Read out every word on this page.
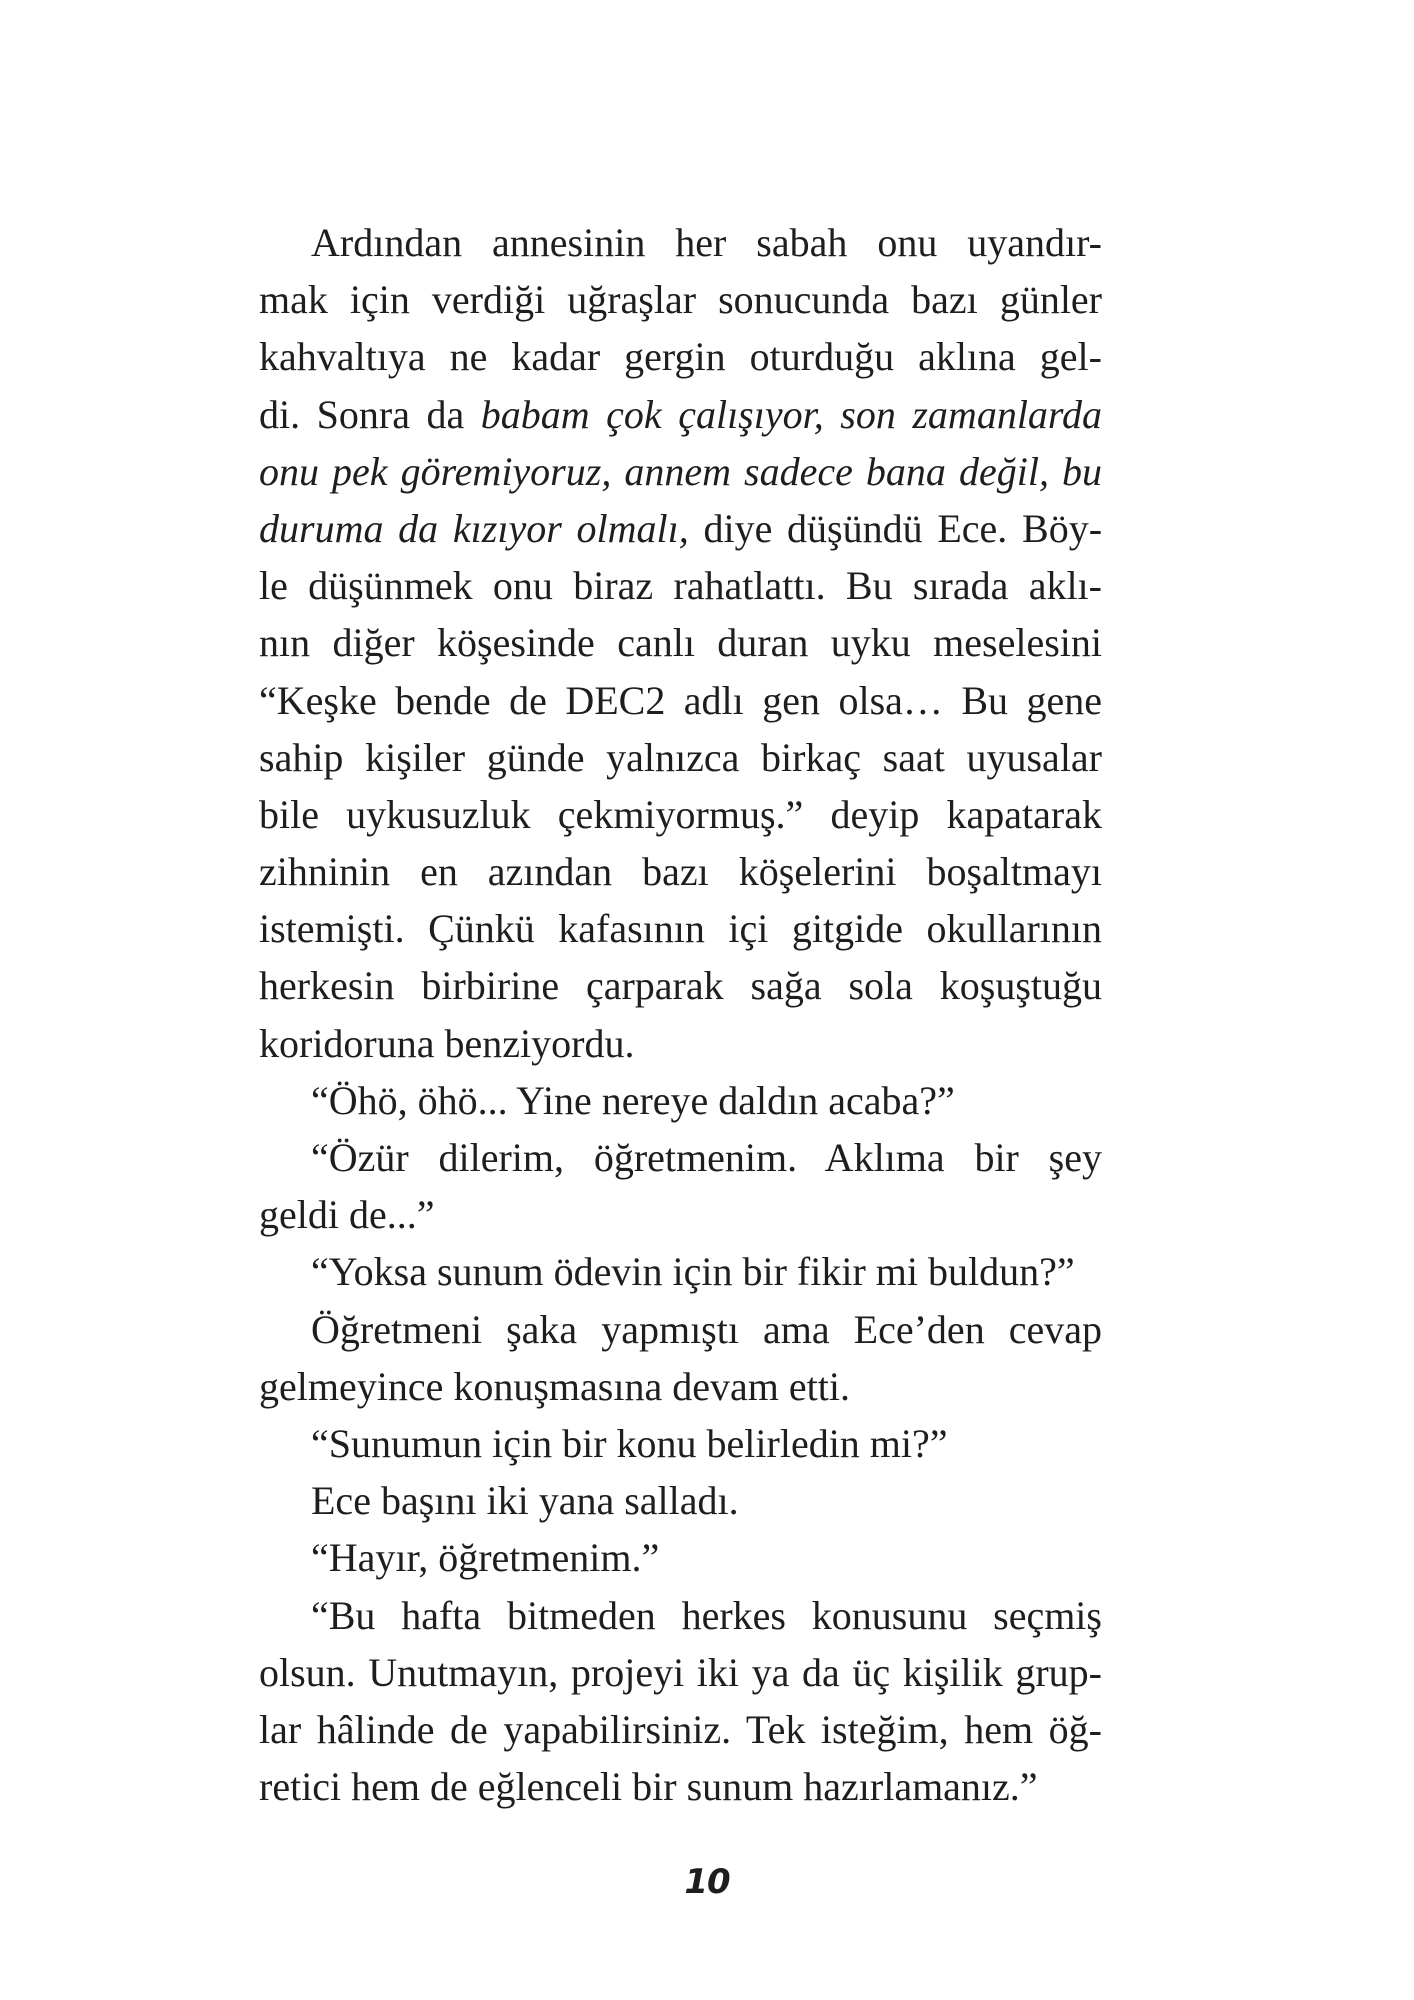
Ardından annesinin her sabah onu uyandır-
mak için verdiği uğraşlar sonucunda bazı günler
kahvaltıya ne kadar gergin oturduğu aklına gel-
di. Sonra da babam çok çalışıyor, son zamanlarda
onu pek göremiyoruz, annem sadece bana değil, bu
duruma da kızıyor olmalı, diye düşündü Ece. Böy-
le düşünmek onu biraz rahatlattı. Bu sırada aklı-
nın diğer köşesinde canlı duran uyku meselesini
“Keşke bende de DEC2 adlı gen olsa… Bu gene
sahip kişiler günde yalnızca birkaç saat uyusalar
bile uykusuzluk çekmiyormuş.” deyip kapatarak
zihninin en azından bazı köşelerini boşaltmayı
istemişti. Çünkü kafasının içi gitgide okullarının
herkesin birbirine çarparak sağa sola koşuştuğu
koridoruna benziyordu.
“Öhö, öhö... Yine nereye daldın acaba?”
“Özür dilerim, öğretmenim. Aklıma bir şey
geldi de...”
“Yoksa sunum ödevin için bir fikir mi buldun?”
Öğretmeni şaka yapmıştı ama Ece’den cevap
gelmeyince konuşmasına devam etti.
“Sunumun için bir konu belirledin mi?”
Ece başını iki yana salladı.
“Hayır, öğretmenim.”
“Bu hafta bitmeden herkes konusunu seçmiş
olsun. Unutmayın, projeyi iki ya da üç kişilik grup-
lar hâlinde de yapabilirsiniz. Tek isteğim, hem öğ-
retici hem de eğlenceli bir sunum hazırlamanız.”
10
